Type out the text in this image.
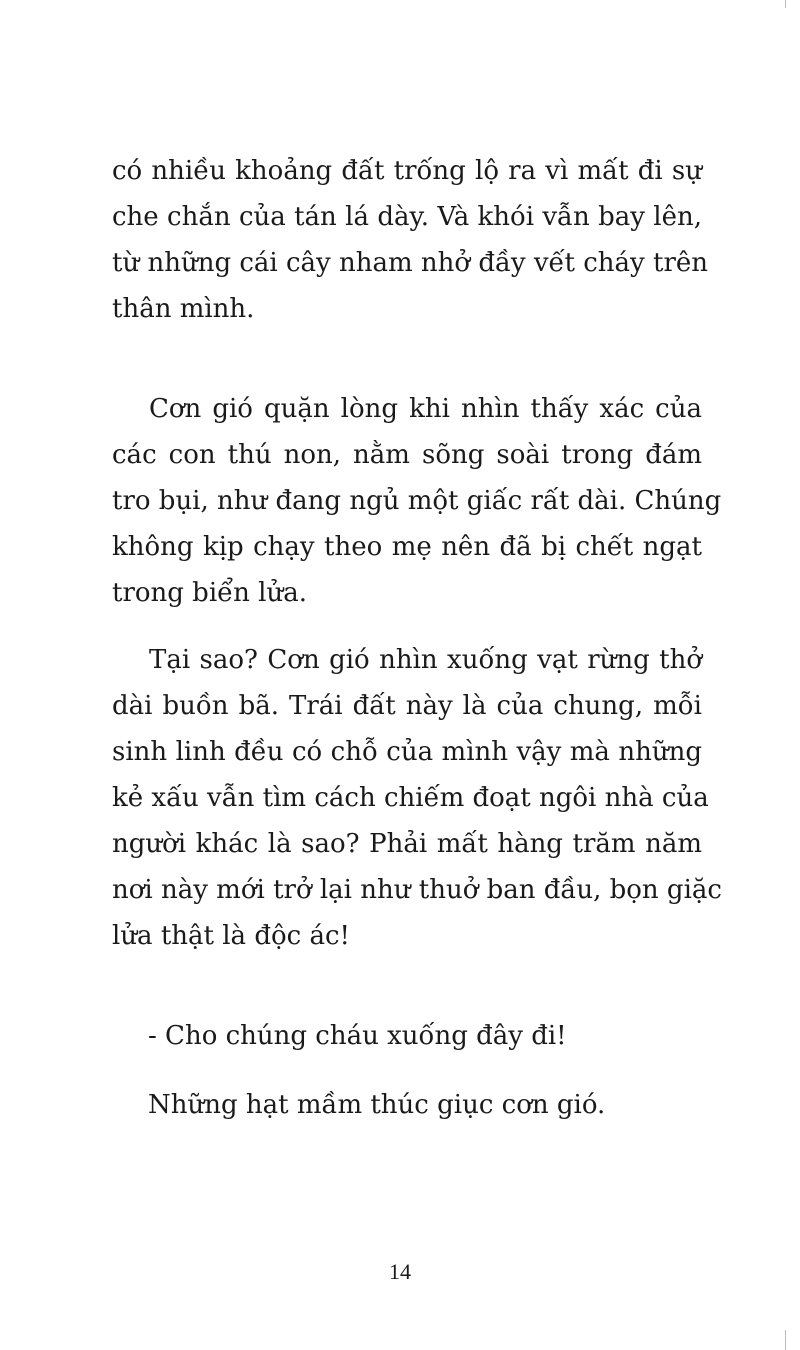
có nhiều khoảng đất trống lộ ra vì mất đi sự
che chắn của tán lá dày. Và khói vẫn bay lên,
từ những cái cây nham nhở đầy vết cháy trên
thân mình.

Cơn gió quặn lòng khi nhìn thấy xác của
các con thú non, nằm sõng soài trong đám
tro bụi, như đang ngủ một giấc rất dài. Chúng
không kịp chạy theo mẹ nên đã bị chết ngạt
trong biển lửa.

Tại sao? Cơn gió nhìn xuống vạt rừng thở
dài buồn bã. Trái đất này là của chung, mỗi
sinh linh đều có chỗ của mình vậy mà những
kẻ xấu vẫn tìm cách chiếm đoạt ngôi nhà của
người khác là sao? Phải mất hàng trăm năm
nơi này mới trở lại như thuở ban đầu, bọn giặc
lửa thật là độc ác!

- Cho chúng cháu xuống đây đi!

Những hạt mầm thúc giục cơn gió.

14
